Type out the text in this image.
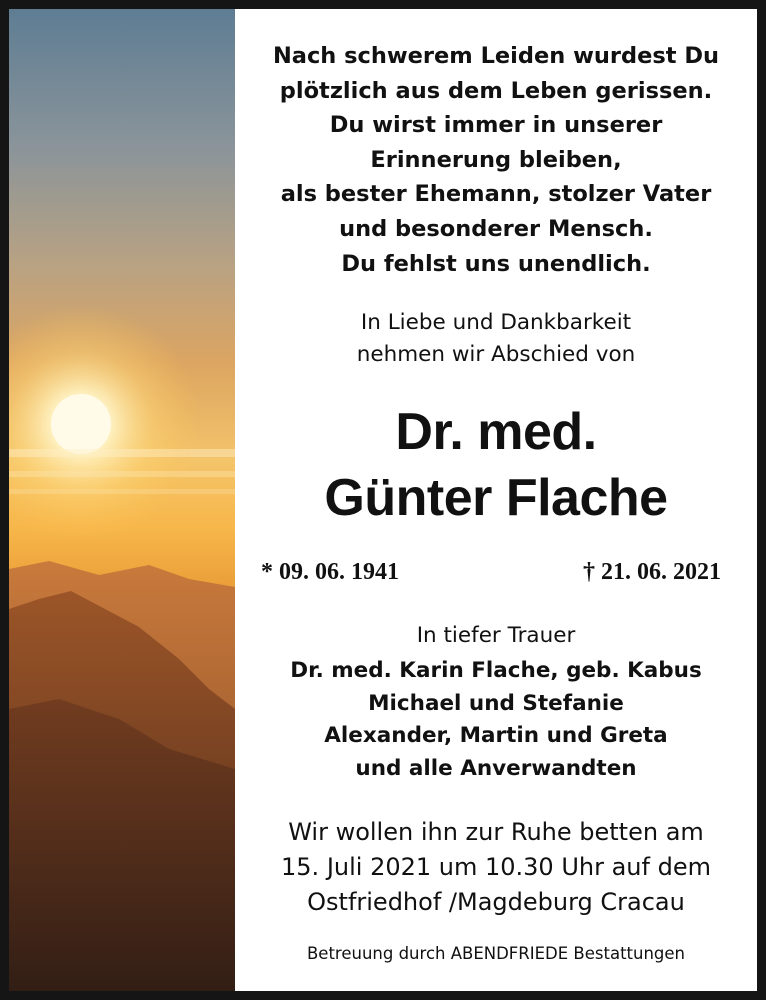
Nach schwerem Leiden wurdest Du
plötzlich aus dem Leben gerissen.
Du wirst immer in unserer
Erinnerung bleiben,
als bester Ehemann, stolzer Vater
und besonderer Mensch.
Du fehlst uns unendlich.
In Liebe und Dankbarkeit
nehmen wir Abschied von
Dr. med.
Günter Flache
* 09. 06. 1941	† 21. 06. 2021
In tiefer Trauer
Dr. med. Karin Flache, geb. Kabus
Michael und Stefanie
Alexander, Martin und Greta
und alle Anverwandten
Wir wollen ihn zur Ruhe betten am
15. Juli 2021 um 10.30 Uhr auf dem
Ostfriedhof /Magdeburg Cracau
Betreuung durch ABENDFRIEDE Bestattungen
